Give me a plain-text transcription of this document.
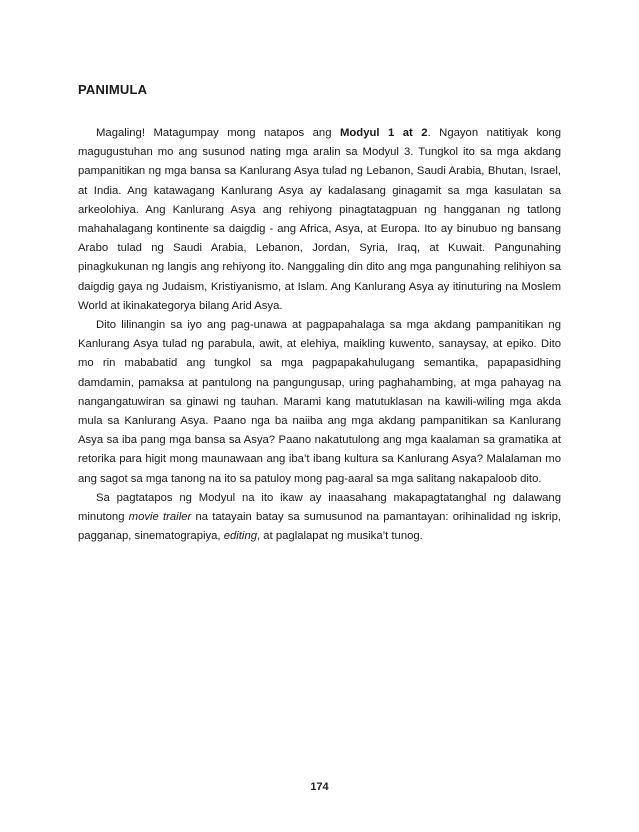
PANIMULA

Magaling! Matagumpay mong natapos ang Modyul 1 at 2. Ngayon natitiyak kong magugustuhan mo ang susunod nating mga aralin sa Modyul 3. Tungkol ito sa mga akdang pampanitikan ng mga bansa sa Kanlurang Asya tulad ng Lebanon, Saudi Arabia, Bhutan, Israel, at India. Ang katawagang Kanlurang Asya ay kadalasang ginagamit sa mga kasulatan sa arkeolohiya. Ang Kanlurang Asya ang rehiyong pinagtatagpuan ng hangganan ng tatlong mahahalagang kontinente sa daigdig - ang Africa, Asya, at Europa. Ito ay binubuo ng bansang Arabo tulad ng Saudi Arabia, Lebanon, Jordan, Syria, Iraq, at Kuwait. Pangunahing pinagkukunan ng langis ang rehiyong ito. Nanggaling din dito ang mga pangunahing relihiyon sa daigdig gaya ng Judaism, Kristiyanismo, at Islam. Ang Kanlurang Asya ay itinuturing na Moslem World at ikinakategorya bilang Arid Asya.

Dito lilinangin sa iyo ang pag-unawa at pagpapahalaga sa mga akdang pampanitikan ng Kanlurang Asya tulad ng parabula, awit, at elehiya, maikling kuwento, sanaysay, at epiko. Dito mo rin mababatid ang tungkol sa mga pagpapakahulugang semantika, papapasidhing damdamin, pamaksa at pantulong na pangungusap, uring paghahambing, at mga pahayag na nangangatuwiran sa ginawi ng tauhan. Marami kang matutuklasan na kawili-wiling mga akda mula sa Kanlurang Asya. Paano nga ba naiiba ang mga akdang pampanitikan sa Kanlurang Asya sa iba pang mga bansa sa Asya? Paano nakatutulong ang mga kaalaman sa gramatika at retorika para higit mong maunawaan ang iba’t ibang kultura sa Kanlurang Asya? Malalaman mo ang sagot sa mga tanong na ito sa patuloy mong pag-aaral sa mga salitang nakapaloob dito.

Sa pagtatapos ng Modyul na ito ikaw ay inaasahang makapagtatanghal ng dalawang minutong movie trailer na tatayain batay sa sumusunod na pamantayan: orihinalidad ng iskrip, pagganap, sinematograpiya, editing, at paglalapat ng musika’t tunog.

174
